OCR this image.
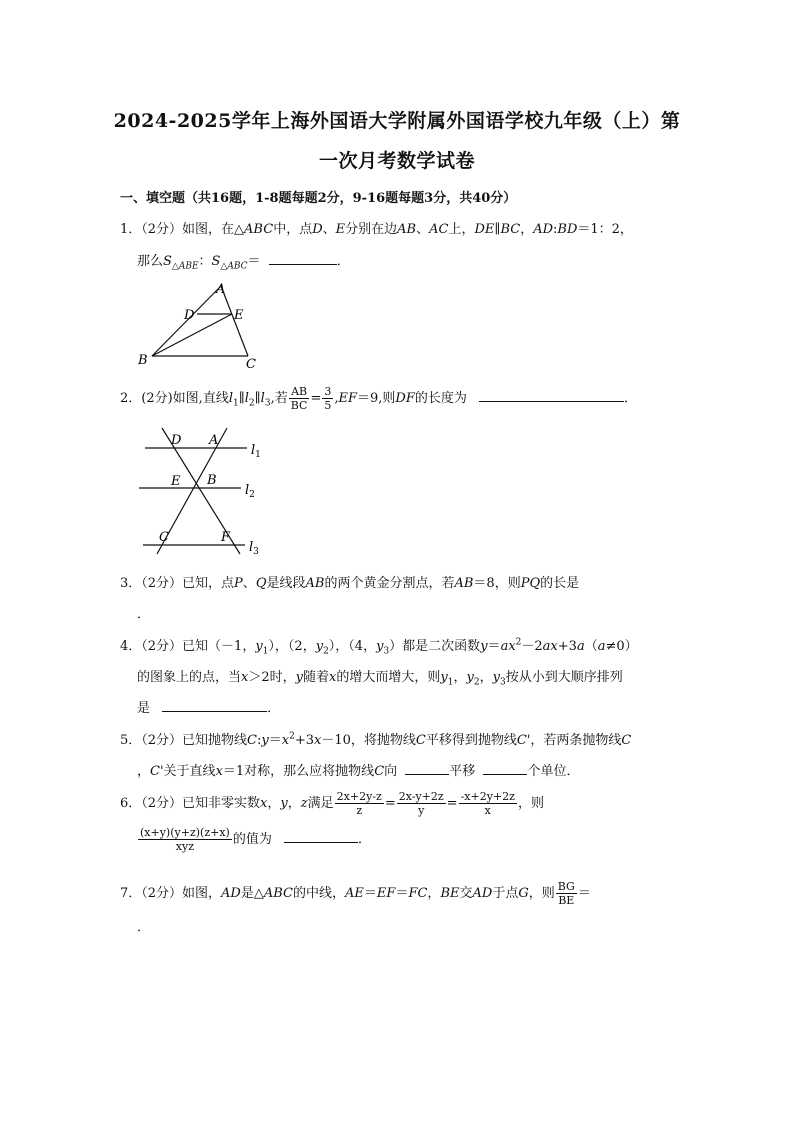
2024-2025学年上海外国语大学附属外国语学校九年级（上）第
一次月考数学试卷
一、填空题（共16题，1-8题每题2分，9-16题每题3分，共40分）
1．（2分）如图，在△ABC中，点D、E分别在边AB、AC上，DE∥BC，AD:BD＝1：2，
那么$S_{\triangle ABE}$：$S_{\triangle ABC}=$	．
A
D	E
B	C
2．(2分)如图,直线$l_1\parallel l_2\parallel l_3$,若 $\frac{AB}{BC} = \frac{3}{5} ,EF=9$,则DF的长度为	．
D A
E B
C	F
$l_1$
$l_2$
$l_3$
3．（2分）已知，点P、Q是线段AB的两个黄金分割点，若AB＝8，则PQ的长是
．
4．（2分）已知（－1，$y_1$），（2，$y_2$），（4，$y_3$）都是二次函数$y=ax^2-2ax+3a(a\ne 0)$
的图象上的点，当x＞2时，y随着x的增大而增大，则$y_1$，$y_2$，$y_3$按从小到大顺序排列
是	．
5．（2分）已知抛物线$C:y=x^2+3x-10$，将抛物线C平移得到抛物线C'，若两条抛物线C
，C'关于直线x＝1对称，那么应将抛物线C向	平移	个单位．
6．（2分）已知非零实数x，y，z满足 $\frac{2x+2y-z}{z} = \frac{2x-y+2z}{y} = \frac{-x+2y+2z}{x}$ ，则
$\frac{(x+y)(y+z)(z+x)}{\text{xyz}}$ 的值为	．
7．（2分）如图，AD是△ABC的中线，AE＝EF＝FC，BE交AD于点G，则 $\frac{BG}{BE}$ ＝
．
